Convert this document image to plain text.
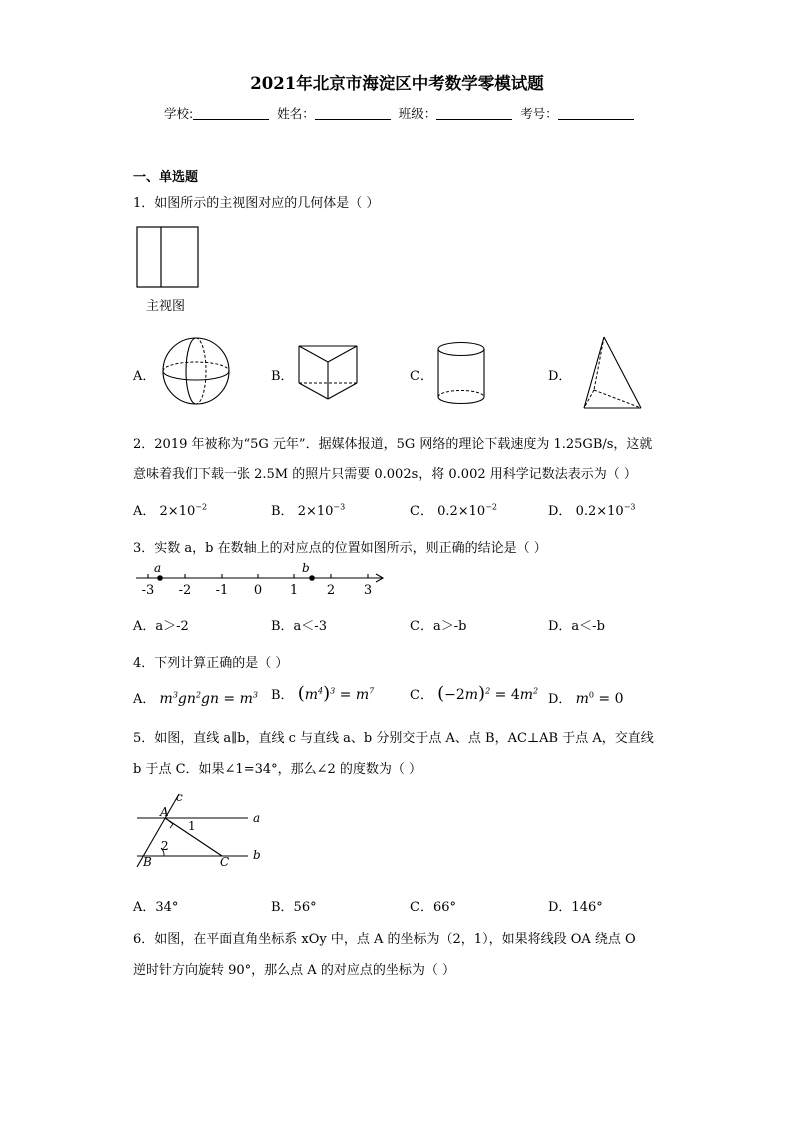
2021年北京市海淀区中考数学零模试题
学校:	姓名：	班级：	考号：
一、单选题
1．如图所示的主视图对应的几何体是（ ）
主视图
A．	B．	C．	D．
2．2019 年被称为“5G 元年”．据媒体报道，5G 网络的理论下载速度为 1.25GB/s，这就
意味着我们下载一张 2.5M 的照片只需要 0.002s，将 0.002 用科学记数法表示为（ ）
A． $2\times 10^{-2}$	B． $2\times 10^{-3}$	C． $0.2\times 10^{-2}$	D． $0.2\times 10^{-3}$
3．实数 a，b 在数轴上的对应点的位置如图所示，则正确的结论是（ ）
a	b
-3 -2 -1 0 1 2 3
A．a＞-2	B．a＜-3	C．a＞-b	D．a＜-b
4．下列计算正确的是（ ）
A． $m^3gn^2gn = m^3$ B． $(m^4)^3 = m^7$	C． $(-2m)^2 = 4m^2$
D． $m^0 = 0$
5．如图，直线 a∥b，直线 c 与直线 a、b 分别交于点 A、点 B，AC⊥AB 于点 A，交直线
b 于点 C．如果∠1=34°，那么∠2 的度数为（ ）
c
A	a
B	C b
1
2
A．34°	B．56°	C．66°	D．146°
6．如图，在平面直角坐标系 xOy 中，点 A 的坐标为（2，1），如果将线段 OA 绕点 O
逆时针方向旋转 90°，那么点 A 的对应点的坐标为（ ）
